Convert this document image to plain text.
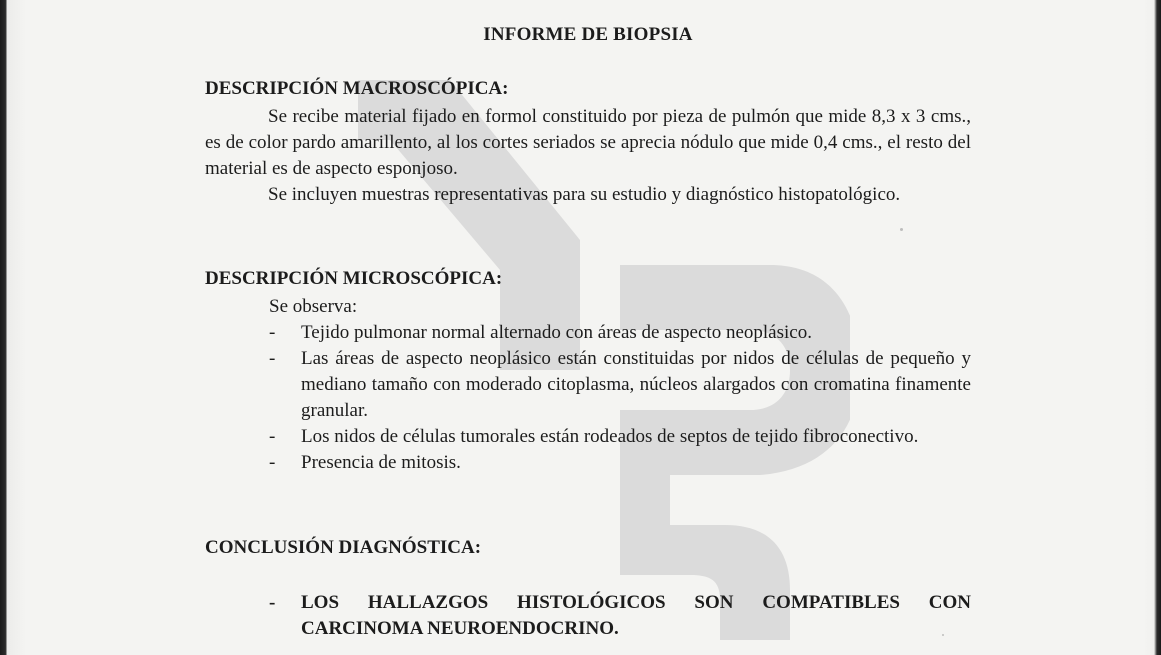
INFORME DE BIOPSIA
DESCRIPCIÓN MACROSCÓPICA:

Se recibe material fijado en formol constituido por pieza de pulmón que mide 8,3 x 3 cms., es de color pardo amarillento, al los cortes seriados se aprecia nódulo que mide 0,4 cms., el resto del material es de aspecto esponjoso.

Se incluyen muestras representativas para su estudio y diagnóstico histopatológico.

DESCRIPCIÓN MICROSCÓPICA:
Se observa:
- Tejido pulmonar normal alternado con áreas de aspecto neoplásico.
- Las áreas de aspecto neoplásico están constituidas por nidos de células de pequeño y mediano tamaño con moderado citoplasma, núcleos alargados con cromatina finamente granular.
- Los nidos de células tumorales están rodeados de septos de tejido fibroconectivo.
- Presencia de mitosis.
CONCLUSIÓN DIAGNÓSTICA:
- LOS HALLAZGOS HISTOLÓGICOS SON COMPATIBLES CON CARCINOMA NEUROENDOCRINO.
